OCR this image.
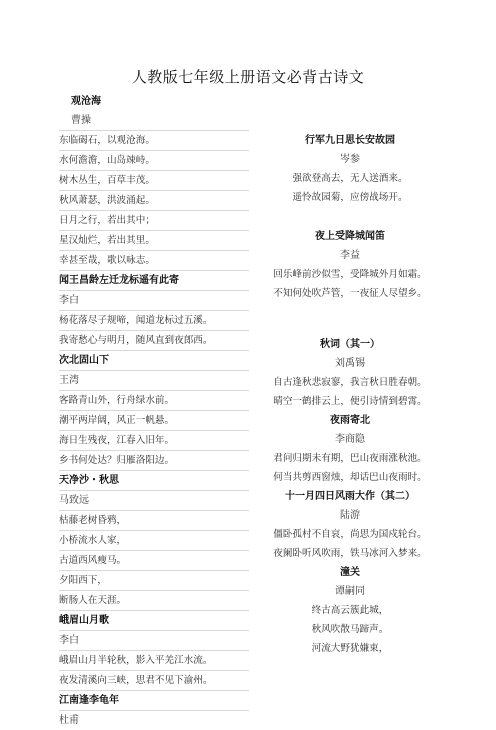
人教版七年级上册语文必背古诗文
观沧海
曹操
东临碣石，以观沧海。
水何澹澹，山岛竦峙。
树木丛生，百草丰茂。
秋风萧瑟，洪波涌起。
日月之行，若出其中；
星汉灿烂，若出其里。
幸甚至哉，歌以咏志。
闻王昌龄左迁龙标遥有此寄
李白
杨花落尽子规啼，闻道龙标过五溪。
我寄愁心与明月，随风直到夜郎西。
次北固山下
王湾
客路青山外，行舟绿水前。
潮平两岸阔，风正一帆悬。
海日生残夜，江春入旧年。
乡书何处达？归雁洛阳边。
天净沙・秋思
马致远
枯藤老树昏鸦，
小桥流水人家，
古道西风瘦马。
夕阳西下，
断肠人在天涯。
峨眉山月歌
李白
峨眉山月半轮秋，影入平羌江水流。
夜发清溪向三峡，思君不见下渝州。
江南逢李龟年
杜甫
行军九日思长安故园
岑参
强欲登高去，无人送酒来。
遥怜故园菊，应傍战场开。
夜上受降城闻笛
李益
回乐峰前沙似雪，受降城外月如霜。
不知何处吹芦管，一夜征人尽望乡。
秋词（其一）
刘禹锡
自古逢秋悲寂寥，我言秋日胜春朝。
晴空一鹤排云上，便引诗情到碧霄。
夜雨寄北
李商隐
君问归期未有期，巴山夜雨涨秋池。
何当共剪西窗烛，却话巴山夜雨时。
十一月四日风雨大作（其二）
陆游
僵卧孤村不自哀，尚思为国戍轮台。
夜阑卧听风吹雨，铁马冰河入梦来。
潼关
谭嗣同
终古高云簇此城，
秋风吹散马蹄声。
河流大野犹嫌束，
